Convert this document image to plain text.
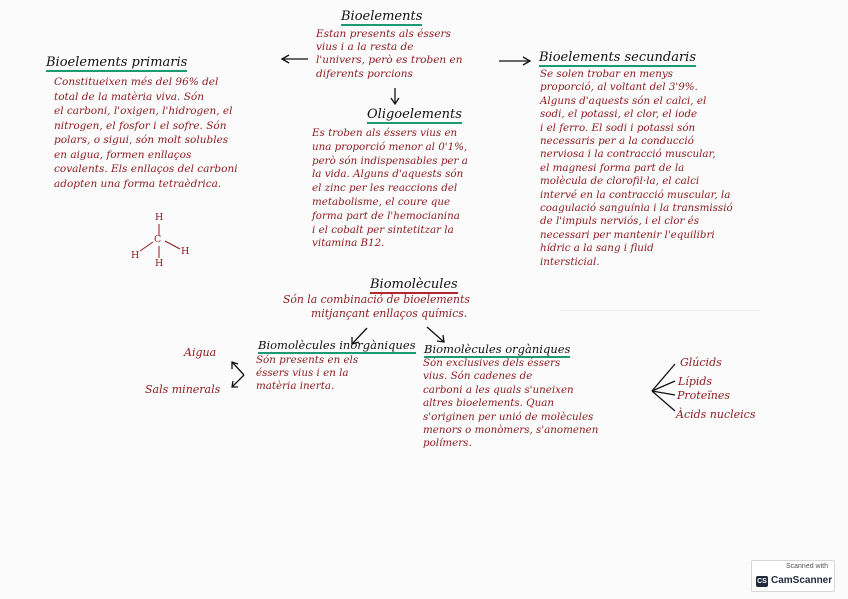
Bioelements
Estan presents als éssers
vius i a la resta de
l'univers, però es troben en
diferents porcions
Bioelements primaris
Constitueixen més del 96% del
total de la matèria viva. Són
el carboni, l'oxigen, l'hidrogen, el
nitrogen, el fosfor i el sofre. Són
polars, o sigui, són molt solubles
en aigua, formen enllaços
covalents. Els enllaços del carboni
adopten una forma tetraèdrica.
H
C
H	H
H
Bioelements secundaris
Se solen trobar en menys
proporció, al voltant del 3'9%.
Alguns d'aquests són el calci, el
sodi, el potassi, el clor, el iode
i el ferro. El sodi i potassi són
necessaris per a la conducció
nerviosa i la contracció muscular,
el magnesi forma part de la
molècula de clorofil·la, el calci
intervé en la contracció muscular, la
coagulació sanguínia i la transmissió
de l'impuls nerviós, i el clor és
necessari per mantenir l'equilibri
hídric a la sang i fluid
intersticial.
Oligoelements
Es troben als éssers vius en
una proporció menor al 0'1%,
però són indispensables per a
la vida. Alguns d'aquests són
el zinc per les reaccions del
metabolisme, el coure que
forma part de l'hemocianina
i el cobalt per sintetitzar la
vitamina B12.
Biomolècules
Són la combinació de bioelements
mitjançant enllaços químics.
Biomolècules inorgàniques
Són presents en els
éssers vius i en la
matèria inerta.
Aigua
Sals minerals
Biomolècules orgàniques
Són exclusives dels éssers
vius. Són cadenes de
carboni a les quals s'uneixen
altres bioelements. Quan
s'originen per unió de molècules
menors o monòmers, s'anomenen
polímers.
Glúcids
Lípids
Proteïnes
Àcids nucleics
Scanned with
CS CamScanner
